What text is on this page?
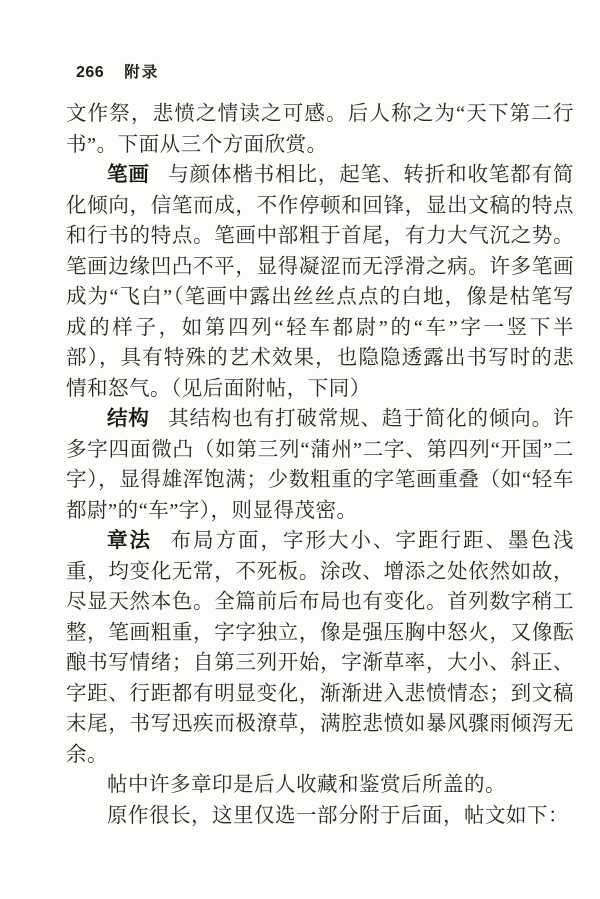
266 附录

文作祭，悲愤之情读之可感。后人称之为“天下第二行书”。下面从三个方面欣赏。

笔画 与颜体楷书相比，起笔、转折和收笔都有简化倾向，信笔而成，不作停顿和回锋，显出文稿的特点和行书的特点。笔画中部粗于首尾，有力大气沉之势。笔画边缘凹凸不平，显得凝涩而无浮滑之病。许多笔画成为“飞白”（笔画中露出丝丝点点的白地，像是枯笔写成的样子，如第四列“轻车都尉”的“车”字一竖下半部），具有特殊的艺术效果，也隐隐透露出书写时的悲情和怒气。（见后面附帖，下同）

结构 其结构也有打破常规、趋于简化的倾向。许多字四面微凸（如第三列“蒲州”二字、第四列“开国”二字），显得雄浑饱满；少数粗重的字笔画重叠（如“轻车都尉”的“车”字），则显得茂密。

章法 布局方面，字形大小、字距行距、墨色浅重，均变化无常，不死板。涂改、增添之处依然如故，尽显天然本色。全篇前后布局也有变化。首列数字稍工整，笔画粗重，字字独立，像是强压胸中怒火，又像酝酿书写情绪；自第三列开始，字渐草率，大小、斜正、字距、行距都有明显变化，渐渐进入悲愤情态；到文稿末尾，书写迅疾而极潦草，满腔悲愤如暴风骤雨倾泻无余。

帖中许多章印是后人收藏和鉴赏后所盖的。

原作很长，这里仅选一部分附于后面，帖文如下：
